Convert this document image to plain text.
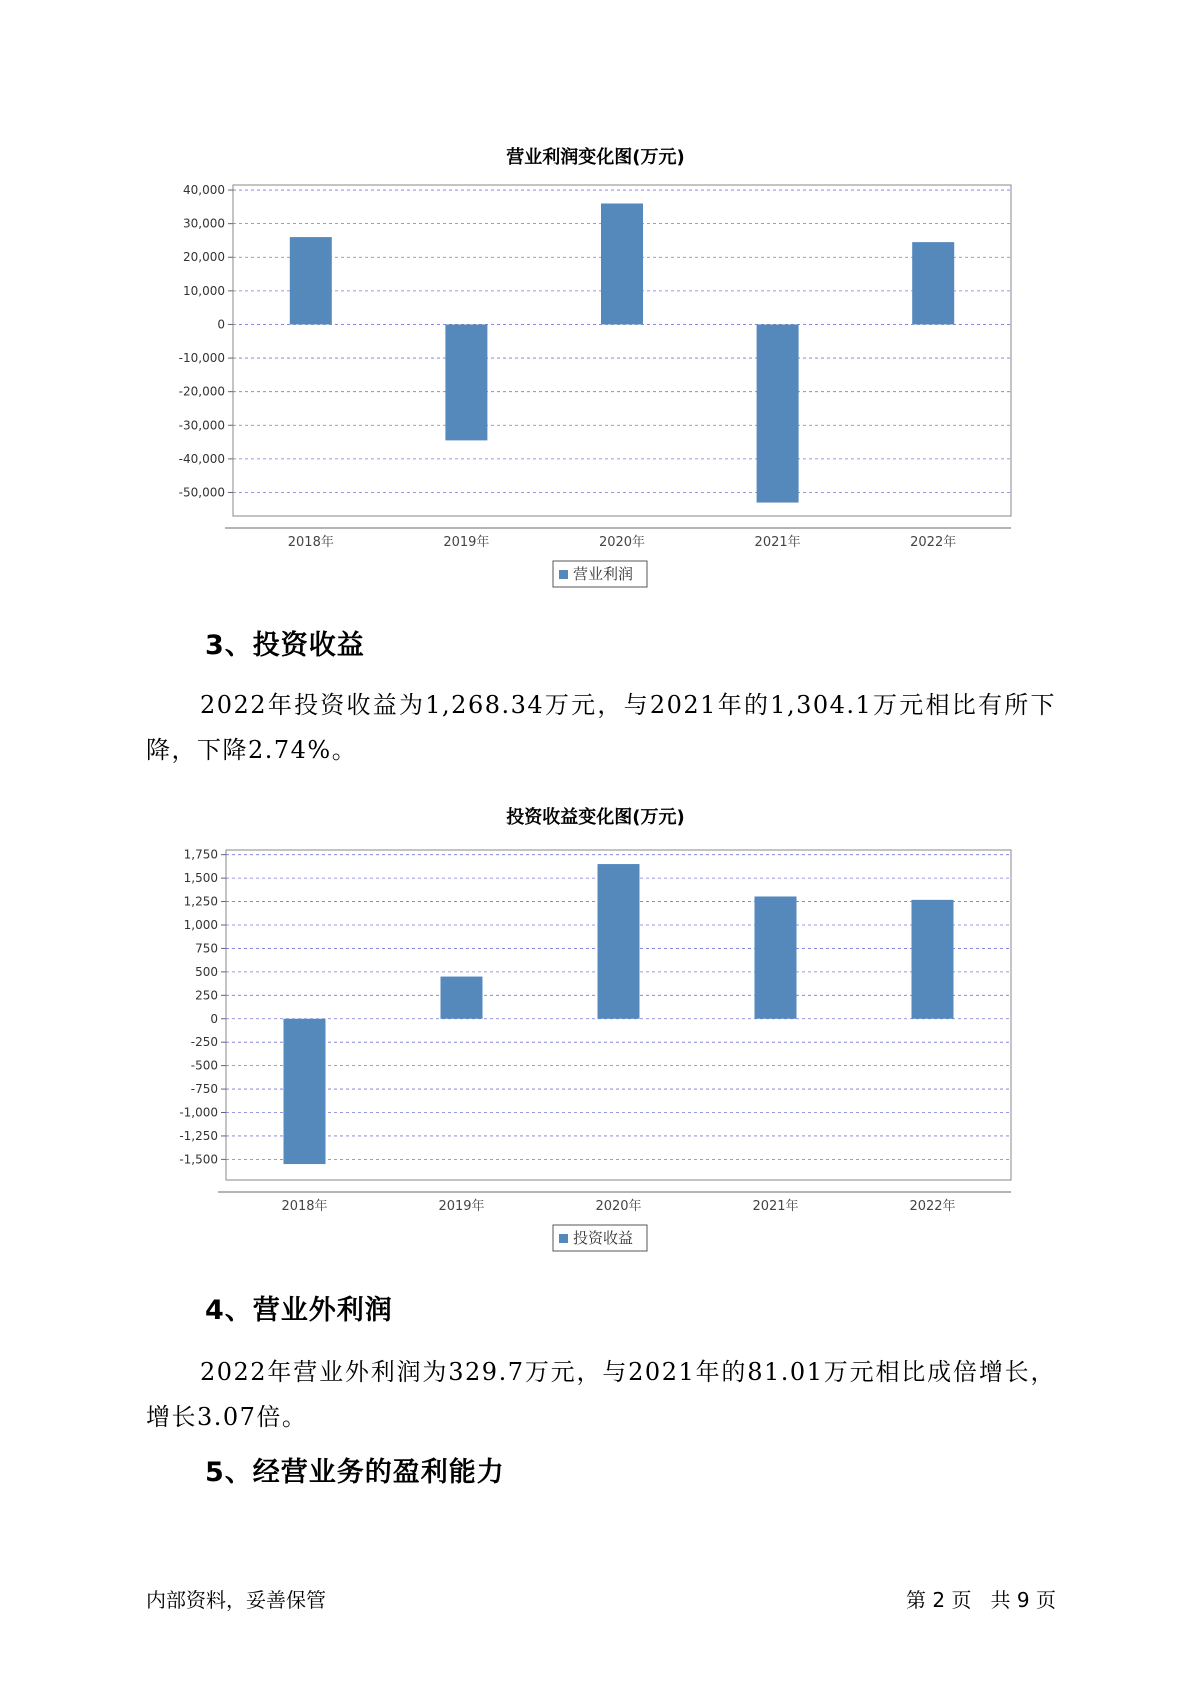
营业利润变化图(万元)
40,000
30,000
20,000
10,000
0
-10,000
-20,000
-30,000
-40,000
-50,000
2018年	2019年	2020年	2021年	2022年
营业利润
3、投资收益
2022年投资收益为1,268.34万元，与2021年的1,304.1万元相比有所下降，下降2.74%。
投资收益变化图(万元)
1,750
1,500
1,250
1,000
750
500
250
0
-250
-500
-750
-1,000
-1,250
-1,500
2018年	2019年	2020年	2021年	2022年
投资收益
4、营业外利润
2022年营业外利润为329.7万元，与2021年的81.01万元相比成倍增长，增长3.07倍。
5、经营业务的盈利能力
内部资料，妥善保管	第 2 页   共 9 页
